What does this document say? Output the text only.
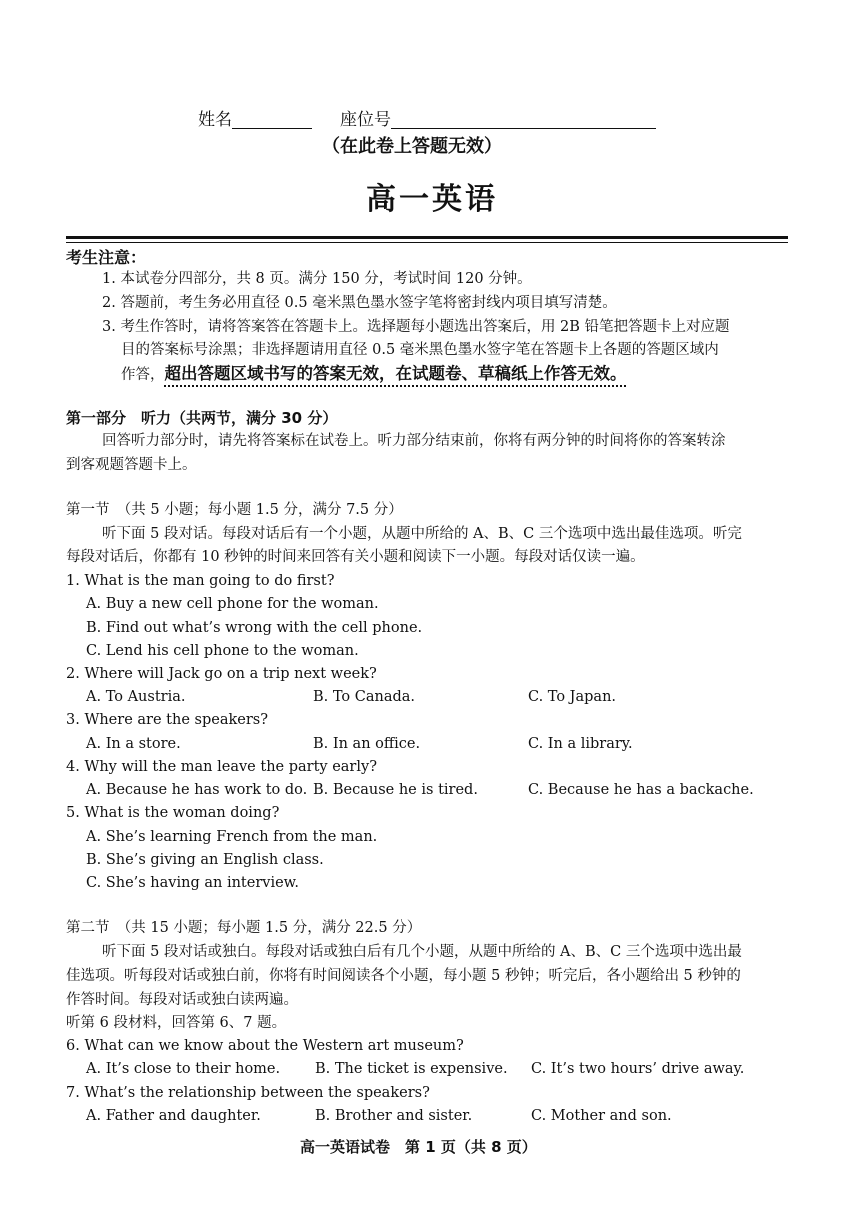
姓名	座位号
（在此卷上答题无效）
高一英语
考生注意：
1. 本试卷分四部分，共 8 页。满分 150 分，考试时间 120 分钟。
2. 答题前，考生务必用直径 0.5 毫米黑色墨水签字笔将密封线内项目填写清楚。
3. 考生作答时，请将答案答在答题卡上。选择题每小题选出答案后，用 2B 铅笔把答题卡上对应题
目的答案标号涂黑；非选择题请用直径 0.5 毫米黑色墨水签字笔在答题卡上各题的答题区域内
作答，超出答题区域书写的答案无效，在试题卷、草稿纸上作答无效。
第一部分　听力（共两节，满分 30 分）
回答听力部分时，请先将答案标在试卷上。听力部分结束前，你将有两分钟的时间将你的答案转涂
到客观题答题卡上。
第一节　（共 5 小题；每小题 1.5 分，满分 7.5 分）
听下面 5 段对话。每段对话后有一个小题，从题中所给的 A、B、C 三个选项中选出最佳选项。听完
每段对话后，你都有 10 秒钟的时间来回答有关小题和阅读下一小题。每段对话仅读一遍。
1. What is the man going to do first?
A. Buy a new cell phone for the woman.
B. Find out what’s wrong with the cell phone.
C. Lend his cell phone to the woman.
2. Where will Jack go on a trip next week?
A. To Austria.	B. To Canada.	C. To Japan.
3. Where are the speakers?
A. In a store.	B. In an office.	C. In a library.
4. Why will the man leave the party early?
A. Because he has work to do. B. Because he is tired.	C. Because he has a backache.
5. What is the woman doing?
A. She’s learning French from the man.
B. She’s giving an English class.
C. She’s having an interview.
第二节　（共 15 小题；每小题 1.5 分，满分 22.5 分）
听下面 5 段对话或独白。每段对话或独白后有几个小题，从题中所给的 A、B、C 三个选项中选出最
佳选项。听每段对话或独白前，你将有时间阅读各个小题，每小题 5 秒钟；听完后，各小题给出 5 秒钟的
作答时间。每段对话或独白读两遍。
听第 6 段材料，回答第 6、7 题。
6. What can we know about the Western art museum?
A. It’s close to their home. B. The ticket is expensive. C. It’s two hours’ drive away.
7. What’s the relationship between the speakers?
A. Father and daughter.	B. Brother and sister.	C. Mother and son.
高一英语试卷　第 1 页（共 8 页）
